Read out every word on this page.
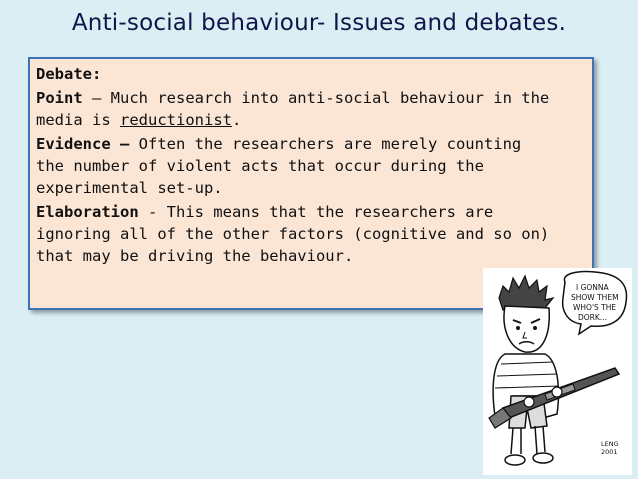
Anti-social behaviour- Issues and debates.
Debate:
Point – Much research into anti-social behaviour in the
media is reductionist.
Evidence – Often the researchers are merely counting
the number of violent acts that occur during the
experimental set-up.
Elaboration - This means that the researchers are
ignoring all of the other factors (cognitive and so on)
that may be driving the behaviour.
I GONNA
SHOW THEM
WHO'S THE
DORK...
LENG
2001
